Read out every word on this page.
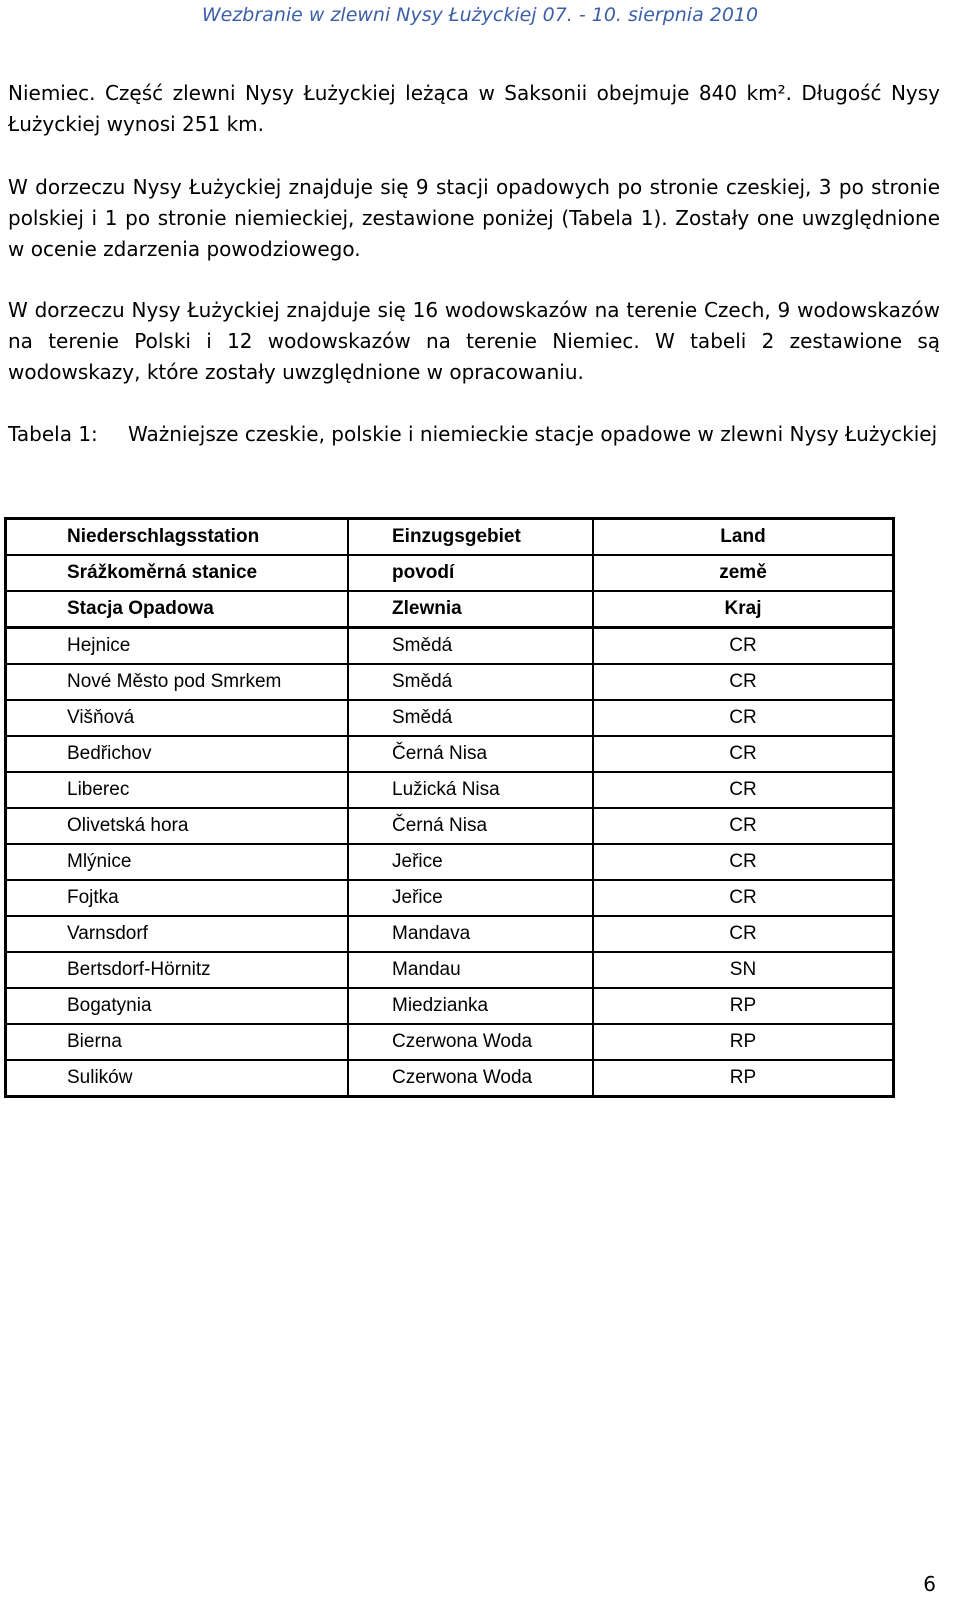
Wezbranie w zlewni Nysy Łużyckiej 07. - 10. sierpnia 2010

Niemiec. Część zlewni Nysy Łużyckiej leżąca w Saksonii obejmuje 840 km². Długość Nysy Łużyckiej wynosi 251 km.

W dorzeczu Nysy Łużyckiej znajduje się 9 stacji opadowych po stronie czeskiej, 3 po stronie polskiej i 1 po stronie niemieckiej, zestawione poniżej (Tabela 1). Zostały one uwzględnione w ocenie zdarzenia powodziowego.

W dorzeczu Nysy Łużyckiej znajduje się 16 wodowskazów na terenie Czech, 9 wodowskazów na terenie Polski i 12 wodowskazów na terenie Niemiec. W tabeli 2 zestawione są wodowskazy, które zostały uwzględnione w opracowaniu.

Tabela 1: Ważniejsze czeskie, polskie i niemieckie stacje opadowe w zlewni Nysy Łużyckiej
Niederschlagsstation	Einzugsgebiet	Land
Srážkoměrná stanice	povodí	země
Stacja Opadowa	Zlewnia	Kraj
Hejnice	Smědá	CR
Nové Město pod Smrkem	Smědá	CR
Višňová	Smědá	CR
Bedřichov	Černá Nisa	CR
Liberec	Lužická Nisa	CR
Olivetská hora	Černá Nisa	CR
Mlýnice	Jeřice	CR
Fojtka	Jeřice	CR
Varnsdorf	Mandava	CR
Bertsdorf-Hörnitz	Mandau	SN
Bogatynia	Miedzianka	RP
Bierna	Czerwona Woda	RP
Sulików	Czerwona Woda	RP
6
